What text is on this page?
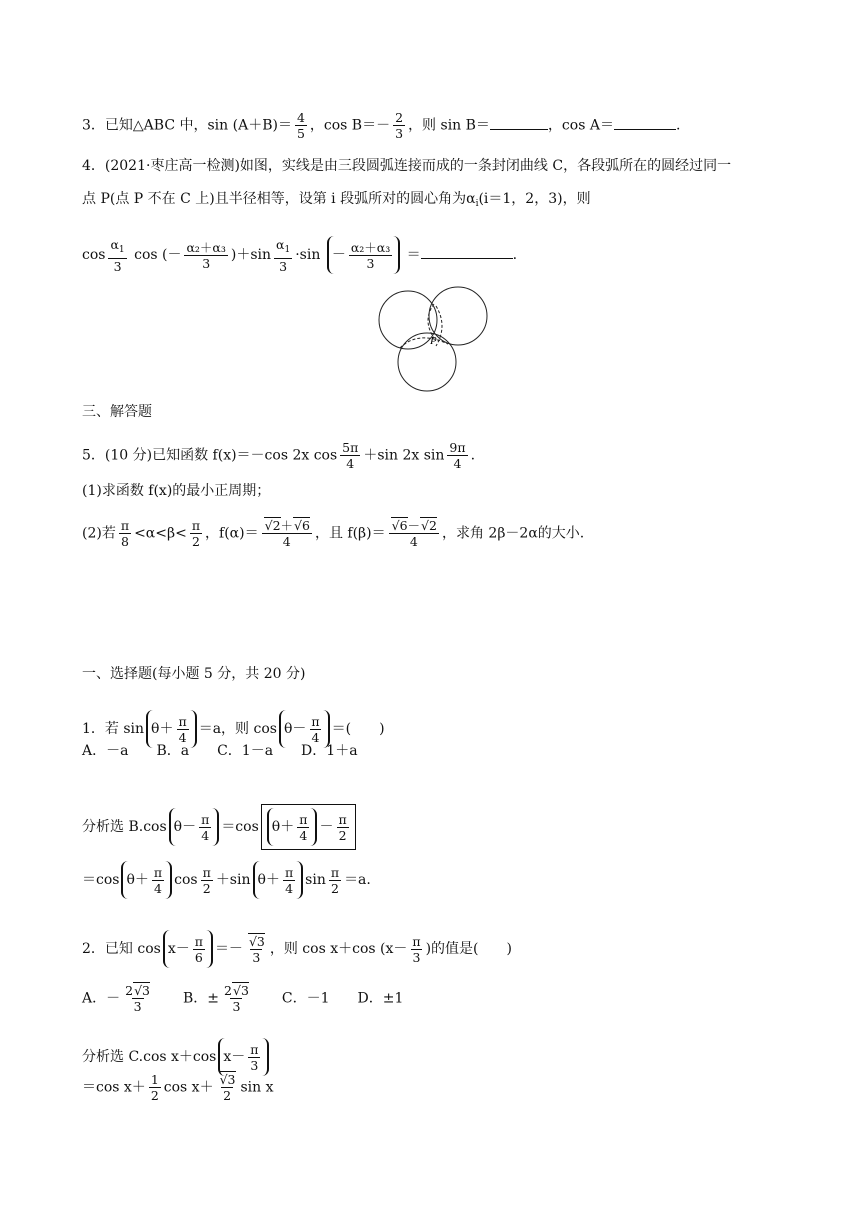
3．已知△ABC 中，$\sin (A+B)= \frac{4}{5}$ ，$\cos B=- \frac{2}{3}$ ，则 sin B＝	，cos A＝	.
4．(2021·枣庄高一检测)如图，实线是由三段圆弧连接而成的一条封闭曲线 C，各段弧所在的圆经过同一
点 P(点 P 不在 C 上)且半径相等，设第 i 段弧所对的圆心角为$\alpha_i(i=1$，2，3)，则
$\cos \frac{\alpha_1}{3}$ cos (－ $\frac{\text{α₂＋α₃}}{3} )+\sin \frac{\alpha_1}{3} \cdot\sin - \frac{\text{α₂＋α₃}}{3}$ ＝	.
P
三、解答题
5．(10 分)已知函数 f(x)＝－cos 2x $\cos \frac{5\pi}{4} +\sin$ 2x $\sin \frac{9\pi}{4}$ .
(1)求函数 f(x)的最小正周期；
(2)若 $\frac{\pi}{8} <\alpha<\beta< \frac{\pi}{2}$ ，f(α)＝ √ $\frac{2+ √ 6}{4}$ ，且 f(β)＝ √ $\frac{6- √ 2}{4}$ ，求角 2β－2α的大小.
一、选择题(每小题 5 分，共 20 分)
1．若 $\sin \theta+ \frac{\pi}{4} =a$，则 $\cos \theta- \frac{\pi}{4}$ ＝(　　)
A．－a　　B．a　　C．1－a　　D．1＋a
分析选 B.cos $\theta- \frac{\pi}{4} =\cos$ $\theta+ \frac{\pi}{4} - \frac{\pi}{2}$
＝cos $\theta+ \frac{\pi}{4}$ $\cos \frac{\pi}{2} +\sin$ $\theta+ \frac{\pi}{4}$ $\sin \frac{\pi}{2} =a$.
2．已知 $\cos x- \frac{\pi}{6}$ ＝－ √ $\frac{3}{3}$ ，则 cos x＋cos ($x- \frac{\pi}{3}$ )的值是(　　)
A．－ $\frac{2 √ 3}{3}$ B．± $\frac{2 √ 3}{3}$ C．－1 D．±1
分析选 C.cos x＋cos $x- \frac{\pi}{3}$
＝cos $x+ \frac{1}{2}$ cos x＋ √ $\frac{3}{2}$ sin x
